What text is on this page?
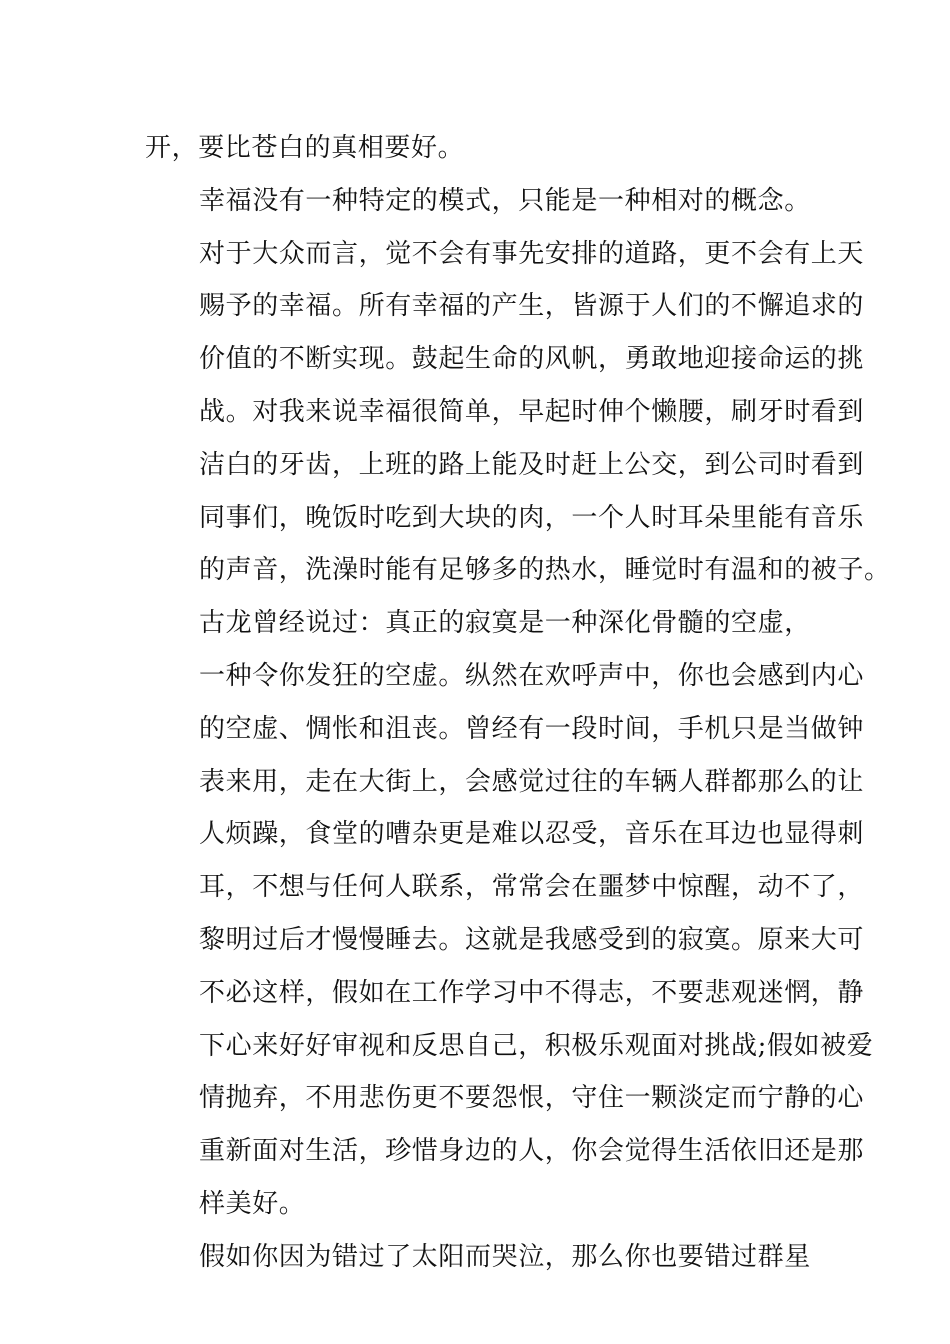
开，要比苍白的真相要好。

幸福没有一种特定的模式，只能是一种相对的概念。
对于大众而言，觉不会有事先安排的道路，更不会有上天
赐予的幸福。所有幸福的产生，皆源于人们的不懈追求的
价值的不断实现。鼓起生命的风帆，勇敢地迎接命运的挑
战。对我来说幸福很简单，早起时伸个懒腰，刷牙时看到
洁白的牙齿，上班的路上能及时赶上公交，到公司时看到
同事们，晚饭时吃到大块的肉，一个人时耳朵里能有音乐
的声音，洗澡时能有足够多的热水，睡觉时有温和的被子。

古龙曾经说过：真正的寂寞是一种深化骨髓的空虚，
一种令你发狂的空虚。纵然在欢呼声中，你也会感到内心
的空虚、惆怅和沮丧。曾经有一段时间，手机只是当做钟
表来用，走在大街上，会感觉过往的车辆人群都那么的让
人烦躁，食堂的嘈杂更是难以忍受，音乐在耳边也显得刺
耳，不想与任何人联系，常常会在噩梦中惊醒，动不了，
黎明过后才慢慢睡去。这就是我感受到的寂寞。原来大可
不必这样，假如在工作学习中不得志，不要悲观迷惘，静
下心来好好审视和反思自己，积极乐观面对挑战;假如被爱
情抛弃，不用悲伤更不要怨恨，守住一颗淡定而宁静的心
重新面对生活，珍惜身边的人，你会觉得生活依旧还是那
样美好。

假如你因为错过了太阳而哭泣，那么你也要错过群星
